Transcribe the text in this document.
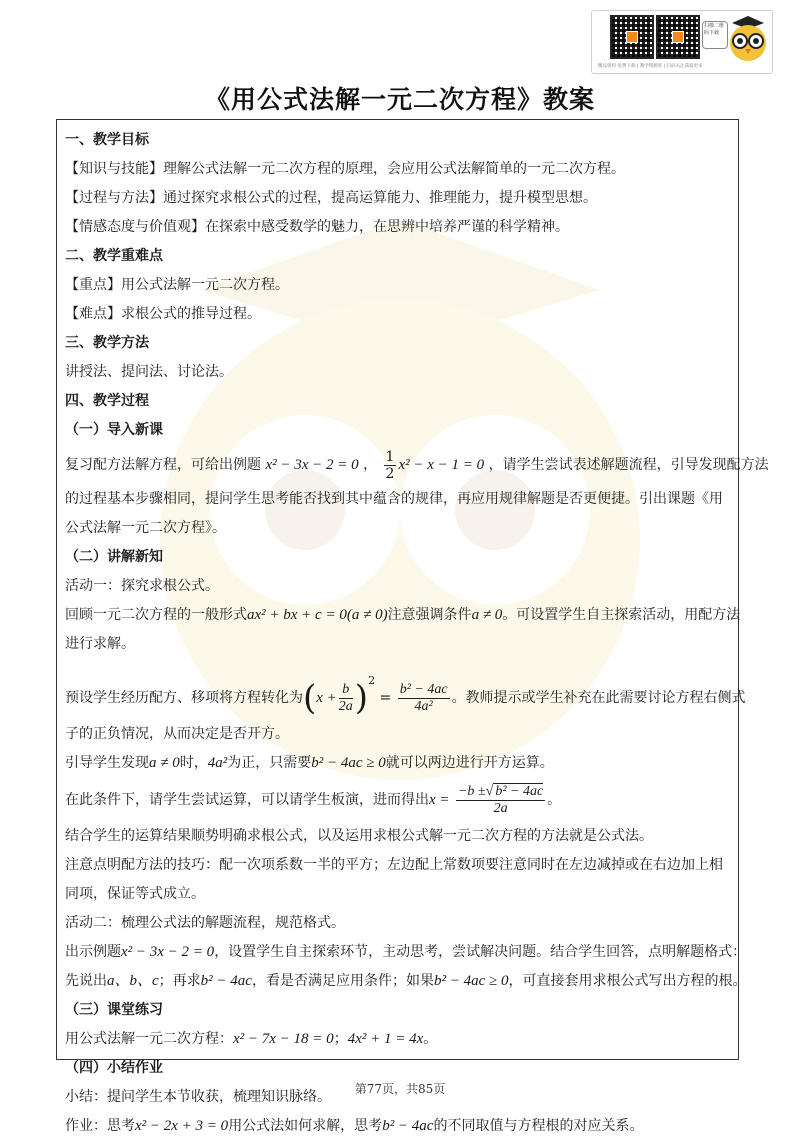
扫描二维码下载
精品资料·免费下载 | 教学资源库 | 扫码关注获取更多
《用公式法解一元二次方程》教案
一、教学目标
【知识与技能】理解公式法解一元二次方程的原理，会应用公式法解简单的一元二次方程。
【过程与方法】通过探究求根公式的过程，提高运算能力、推理能力，提升模型思想。
【情感态度与价值观】在探索中感受数学的魅力，在思辨中培养严谨的科学精神。
二、教学重难点
【重点】用公式法解一元二次方程。
【难点】求根公式的推导过程。
三、教学方法
讲授法、提问法、讨论法。
四、教学过程
（一）导入新课
复习配方法解方程，可给出例题 x² − 3x − 2 = 0 ， $\frac{1}{2} x^2 - x - 1 = 0$ ，请学生尝试表述解题流程，引导发现配方法
的过程基本步骤相同，提问学生思考能否找到其中蕴含的规律，再应用规律解题是否更便捷。引出课题《用
公式法解一元二次方程》。
（二）讲解新知
活动一：探究求根公式。
回顾一元二次方程的一般形式ax² + bx + c = 0(a ≠ 0)注意强调条件a ≠ 0。可设置学生自主探索活动，用配方法
进行求解。
预设学生经历配方、移项将方程转化为$(x + \frac{b}{2a} )^2 = \frac{\text{b² − 4ac}}{\text{4a²}}$ 。教师提示或学生补充在此需要讨论方程右侧式
子的正负情况，从而决定是否开方。
引导学生发现a ≠ 0时，4a²为正，只需要b² − 4ac ≥ 0就可以两边进行开方运算。
在此条件下，请学生尝试运算，可以请学生板演，进而得出$x = \frac{\text{−b ±√ b² − 4ac}}{2a}$ 。
结合学生的运算结果顺势明确求根公式，以及运用求根公式解一元二次方程的方法就是公式法。
注意点明配方法的技巧：配一次项系数一半的平方；左边配上常数项要注意同时在左边减掉或在右边加上相
同项，保证等式成立。
活动二：梳理公式法的解题流程，规范格式。
出示例题x² − 3x − 2 = 0，设置学生自主探索环节，主动思考，尝试解决问题。结合学生回答，点明解题格式：
先说出a、b、c；再求b² − 4ac，看是否满足应用条件；如果b² − 4ac ≥ 0，可直接套用求根公式写出方程的根。
（三）课堂练习
用公式法解一元二次方程：x² − 7x − 18 = 0；4x² + 1 = 4x。
（四）小结作业
小结：提问学生本节收获，梳理知识脉络。
作业：思考x² − 2x + 3 = 0用公式法如何求解，思考b² − 4ac的不同取值与方程根的对应关系。
第77页，共85页
